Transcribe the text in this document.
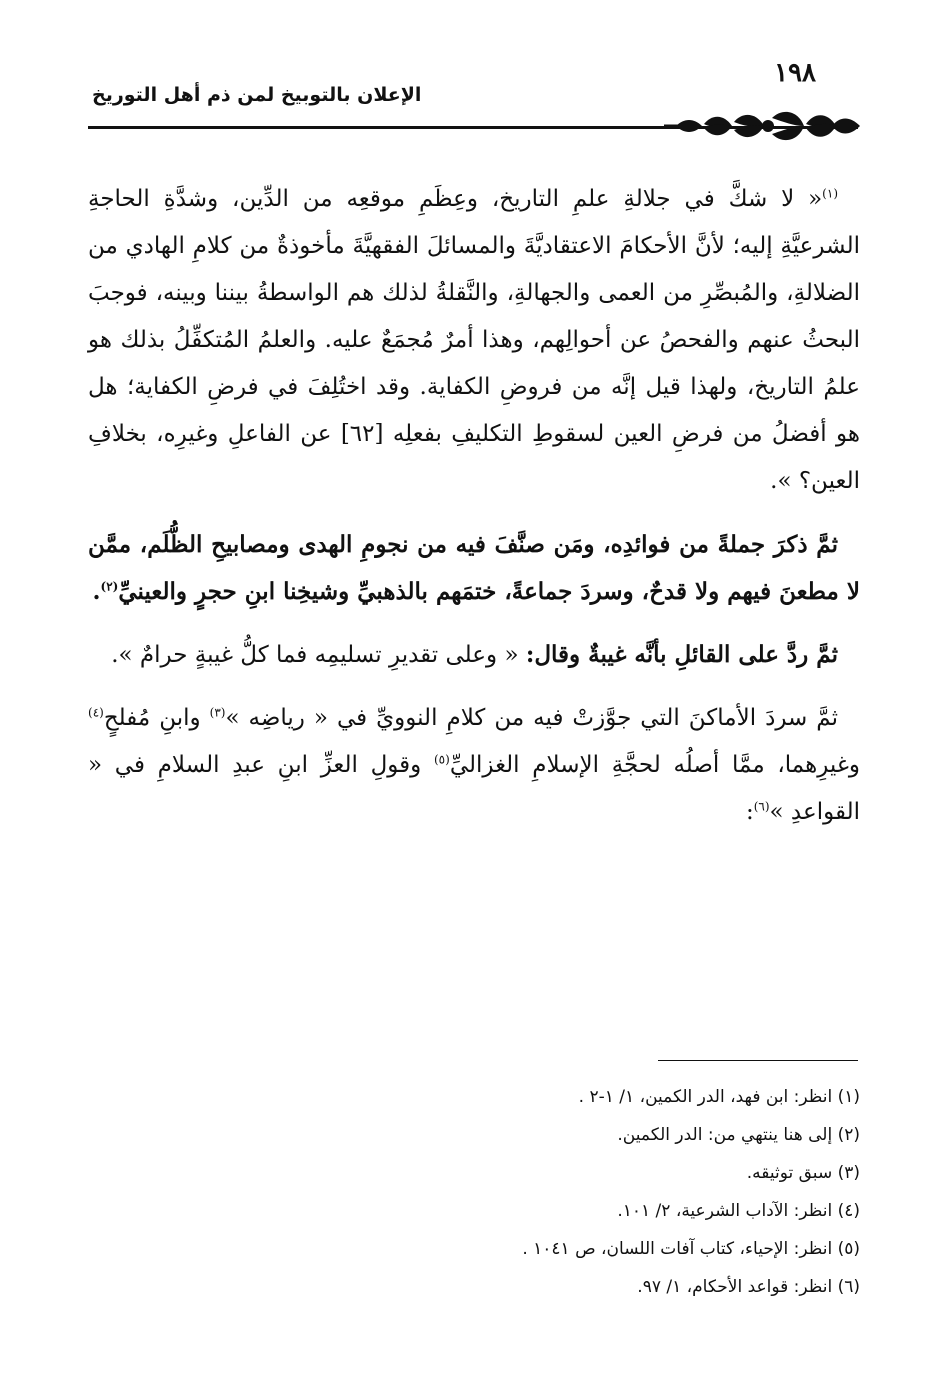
١٩٨
الإعلان بالتوبيخ لمن ذم أهل التوريخ

$^{(١)}$« لا شكَّ في جلالةِ علمِ التاريخ، وعِظَمِ موقعِه من الدِّين، وشدَّةِ الحاجةِ الشرعيَّةِ إليه؛ لأنَّ الأحكامَ الاعتقاديَّةَ والمسائلَ الفقهيَّةَ مأخوذةٌ من كلامِ الهادي من الضلالةِ، والمُبصِّرِ من العمى والجهالةِ، والنَّقلةُ لذلك هم الواسطةُ بيننا وبينه، فوجبَ البحثُ عنهم والفحصُ عن أحوالِهم، وهذا أمرٌ مُجمَعٌ عليه. والعلمُ المُتكفِّلُ بذلك هو علمُ التاريخ، ولهذا قيل إنَّه من فروضِ الكفاية. وقد اختُلِفَ في فرضِ الكفاية؛ هل هو أفضلُ من فرضِ العين لسقوطِ التكليفِ بفعلِه [٦٢] عن الفاعلِ وغيرِه، بخلافِ العين؟ ».

ثمَّ ذكرَ جملةً من فوائدِه، ومَن صنَّفَ فيه من نجومِ الهدى ومصابيحِ الظُّلَم، ممَّن لا مطعنَ فيهم ولا قدحٌ، وسردَ جماعةً، ختمَهم بالذهبيِّ وشيخِنا ابنِ حجرٍ والعينيِّ$^{(٢)}$.

ثمَّ ردَّ على القائلِ بأنَّه غيبةٌ وقال: « وعلى تقديرِ تسليمِه فما كلُّ غيبةٍ حرامٌ ».

ثمَّ سردَ الأماكنَ التي جوَّزتْ فيه من كلامِ النوويِّ في « رياضِه »$^{(٣)}$ وابنِ مُفلحٍ$^{(٤)}$ وغيرِهما، ممَّا أصلُه لحجَّةِ الإسلامِ الغزاليِّ$^{(٥)}$ وقولِ العزِّ ابنِ عبدِ السلامِ في « القواعدِ »$^{(٦)}$:

(١) انظر: ابن فهد، الدر الكمين، ١/ ١-٢ .
(٢) إلى هنا ينتهي من: الدر الكمين.
(٣) سبق توثيقه.
(٤) انظر: الآداب الشرعية، ٢/ ١٠١.
(٥) انظر: الإحياء، كتاب آفات اللسان، ص ١٠٤١ .
(٦) انظر: قواعد الأحكام، ١/ ٩٧.
